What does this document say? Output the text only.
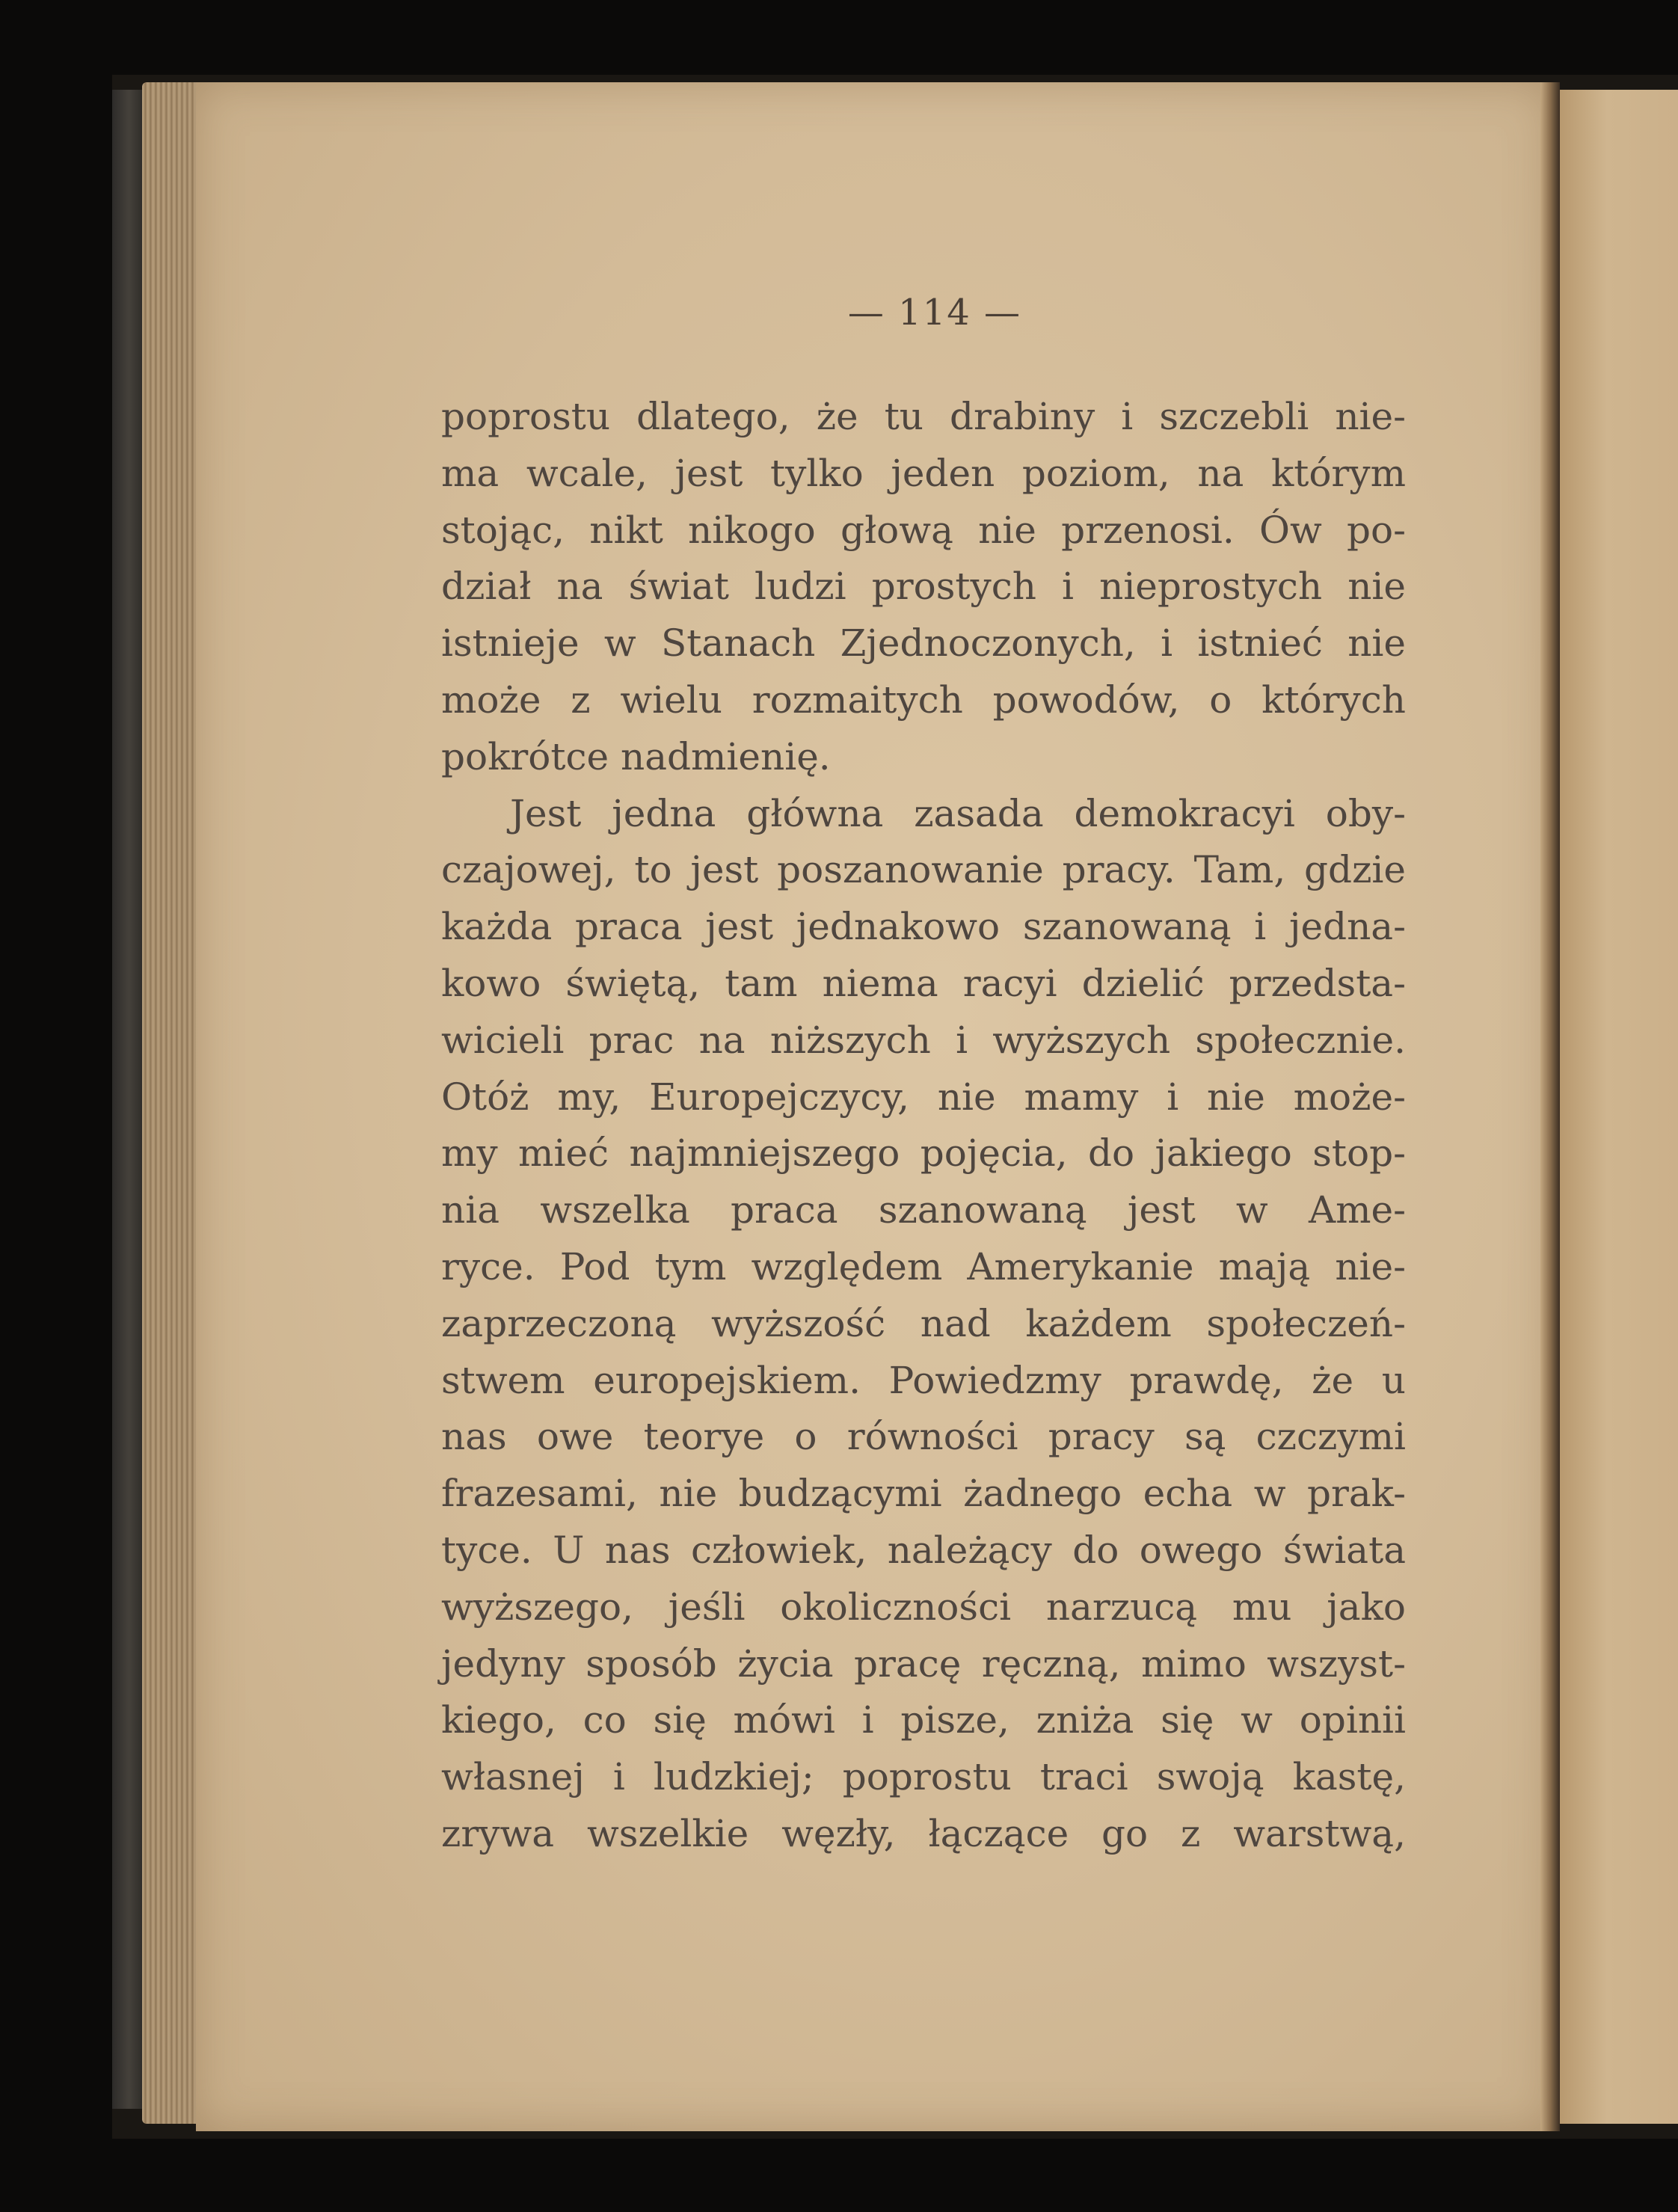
— 114 —

poprostu dlatego, że tu drabiny i szczebli nie-
ma wcale, jest tylko jeden poziom, na którym
stojąc, nikt nikogo głową nie przenosi. Ów po-
dział na świat ludzi prostych i nieprostych nie
istnieje w Stanach Zjednoczonych, i istnieć nie
może z wielu rozmaitych powodów, o których
pokrótce nadmienię.

Jest jedna główna zasada demokracyi oby-
czajowej, to jest poszanowanie pracy. Tam, gdzie
każda praca jest jednakowo szanowaną i jedna-
kowo świętą, tam niema racyi dzielić przedsta-
wicieli prac na niższych i wyższych społecznie.
Otóż my, Europejczycy, nie mamy i nie może-
my mieć najmniejszego pojęcia, do jakiego stop-
nia wszelka praca szanowaną jest w Ame-
ryce. Pod tym względem Amerykanie mają nie-
zaprzeczoną wyższość nad każdem społeczeń-
stwem europejskiem. Powiedzmy prawdę, że u
nas owe teorye o równości pracy są czczymi
frazesami, nie budzącymi żadnego echa w prak-
tyce. U nas człowiek, należący do owego świata
wyższego, jeśli okoliczności narzucą mu jako
jedyny sposób życia pracę ręczną, mimo wszyst-
kiego, co się mówi i pisze, zniża się w opinii
własnej i ludzkiej; poprostu traci swoją kastę,
zrywa wszelkie węzły, łączące go z warstwą,
